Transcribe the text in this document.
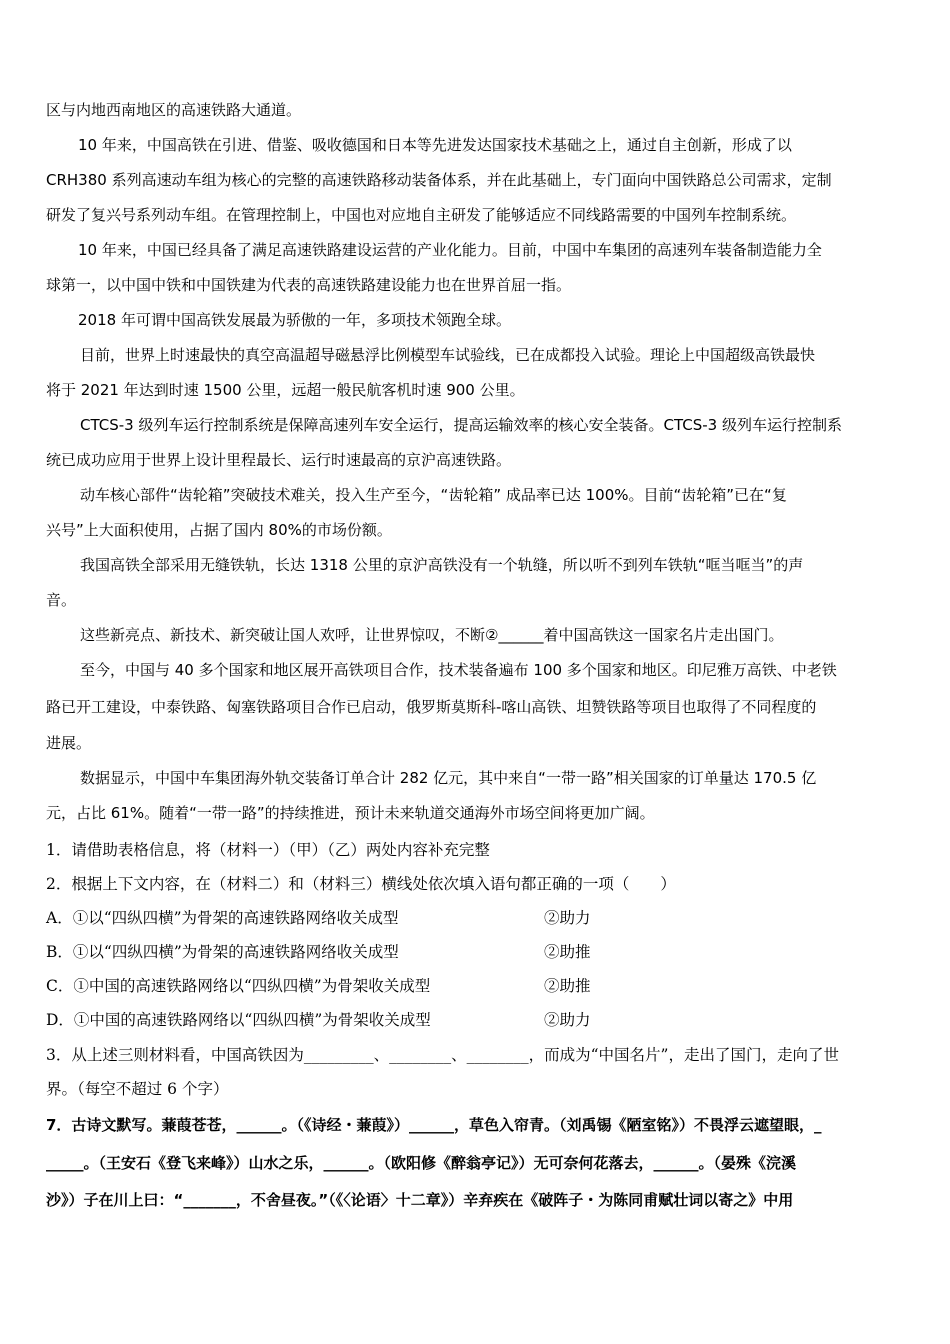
区与内地西南地区的高速铁路大通道。
10 年来，中国高铁在引进、借鉴、吸收德国和日本等先进发达国家技术基础之上，通过自主创新，形成了以
CRH380 系列高速动车组为核心的完整的高速铁路移动装备体系，并在此基础上，专门面向中国铁路总公司需求，定制
研发了复兴号系列动车组。在管理控制上，中国也对应地自主研发了能够适应不同线路需要的中国列车控制系统。
10 年来，中国已经具备了满足高速铁路建设运营的产业化能力。目前，中国中车集团的高速列车装备制造能力全
球第一，以中国中铁和中国铁建为代表的高速铁路建设能力也在世界首屈一指。
2018 年可谓中国高铁发展最为骄傲的一年，多项技术领跑全球。
目前，世界上时速最快的真空高温超导磁悬浮比例模型车试验线，已在成都投入试验。理论上中国超级高铁最快
将于 2021 年达到时速 1500 公里，远超一般民航客机时速 900 公里。
CTCS-3 级列车运行控制系统是保障高速列车安全运行，提高运输效率的核心安全装备。CTCS-3 级列车运行控制系
统已成功应用于世界上设计里程最长、运行时速最高的京沪高速铁路。
动车核心部件“齿轮箱”突破技术难关，投入生产至今，“齿轮箱” 成品率已达 100%。目前“齿轮箱”已在“复
兴号”上大面积使用，占据了国内 80%的市场份额。
我国高铁全部采用无缝铁轨，长达 1318 公里的京沪高铁没有一个轨缝，所以听不到列车铁轨“哐当哐当”的声
音。
这些新亮点、新技术、新突破让国人欢呼，让世界惊叹，不断②______着中国高铁这一国家名片走出国门。
至今，中国与 40 多个国家和地区展开高铁项目合作，技术装备遍布 100 多个国家和地区。印尼雅万高铁、中老铁
路已开工建设，中泰铁路、匈塞铁路项目合作已启动，俄罗斯莫斯科-喀山高铁、坦赞铁路等项目也取得了不同程度的
进展。
数据显示，中国中车集团海外轨交装备订单合计 282 亿元，其中来自“一带一路”相关国家的订单量达 170.5 亿
元，占比 61%。随着“一带一路”的持续推进，预计未来轨道交通海外市场空间将更加广阔。
1．请借助表格信息，将（材料一）（甲）（乙）两处内容补充完整
2．根据上下文内容，在（材料二）和（材料三）横线处依次填入语句都正确的一项（　　）
A．①以“四纵四横”为骨架的高速铁路网络收关成型	②助力
B．①以“四纵四横”为骨架的高速铁路网络收关成型	②助推
C．①中国的高速铁路网络以“四纵四横”为骨架收关成型	②助推
D．①中国的高速铁路网络以“四纵四横”为骨架收关成型	②助力
3．从上述三则材料看，中国高铁因为_________、________、________，而成为“中国名片”，走出了国门，走向了世
界。（每空不超过 6 个字）
7．古诗文默写。蒹葭苍苍，______。（《诗经・蒹葭》）______，草色入帘青。（刘禹锡《陋室铭》）不畏浮云遮望眼，_
_____。（王安石《登飞来峰》）山水之乐，______。（欧阳修《醉翁亭记》）无可奈何花落去，______。（晏殊《浣溪
沙》）子在川上曰：“_______，不舍昼夜。”（《〈论语〉十二章》）辛弃疾在《破阵子・为陈同甫赋壮词以寄之》中用
